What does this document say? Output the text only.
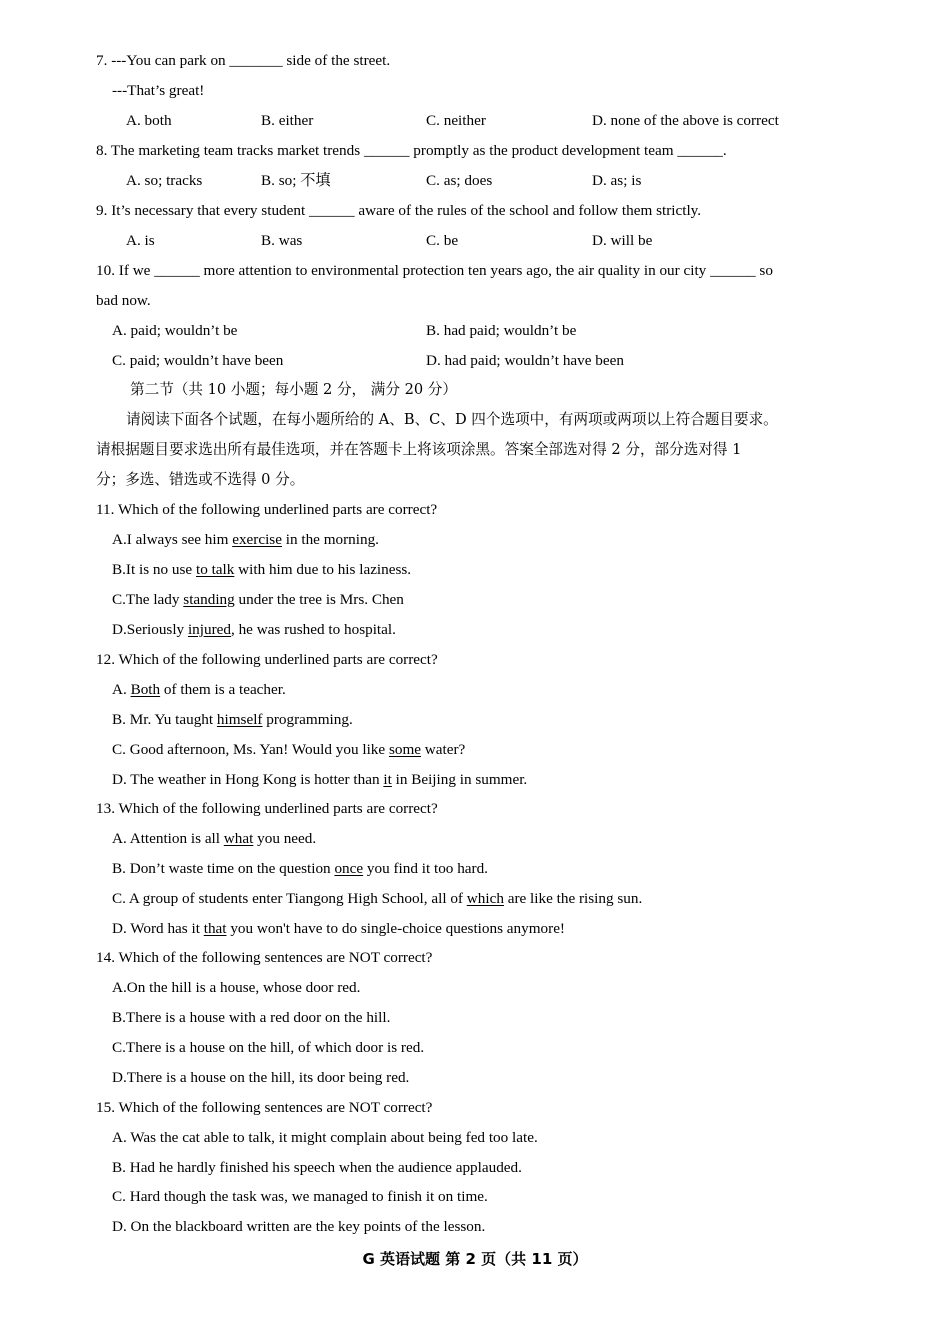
7. ---You can park on _______ side of the street.
---That’s great!
A. both	B. either	C. neither	D. none of the above is correct
8. The marketing team tracks market trends ______ promptly as the product development team ______.
A. so; tracks	B. so; 不填	C. as; does	D. as; is
9. It’s necessary that every student ______ aware of the rules of the school and follow them strictly.
A. is	B. was	C. be	D. will be
10. If we ______ more attention to environmental protection ten years ago, the air quality in our city ______ so
bad now.
A. paid; wouldn’t be	B. had paid; wouldn’t be
C. paid; wouldn’t have been	D. had paid; wouldn’t have been
第二节（共 10 小题；每小题 2 分， 满分 20 分）
请阅读下面各个试题，在每小题所给的 A、B、C、D 四个选项中，有两项或两项以上符合题目要求。
请根据题目要求选出所有最佳选项，并在答题卡上将该项涂黑。答案全部选对得 2 分，部分选对得 1
分；多选、错选或不选得 0 分。
11. Which of the following underlined parts are correct?
A.I always see him exercise in the morning.
B.It is no use to talk with him due to his laziness.
C.The lady standing under the tree is Mrs. Chen
D.Seriously injured, he was rushed to hospital.
12. Which of the following underlined parts are correct?
A. Both of them is a teacher.
B. Mr. Yu taught himself programming.
C. Good afternoon, Ms. Yan! Would you like some water?
D. The weather in Hong Kong is hotter than it in Beijing in summer.
13. Which of the following underlined parts are correct?
A. Attention is all what you need.
B. Don’t waste time on the question once you find it too hard.
C. A group of students enter Tiangong High School, all of which are like the rising sun.
D. Word has it that you won't have to do single-choice questions anymore!
14. Which of the following sentences are NOT correct?
A.On the hill is a house, whose door red.
B.There is a house with a red door on the hill.
C.There is a house on the hill, of which door is red.
D.There is a house on the hill, its door being red.
15. Which of the following sentences are NOT correct?
A. Was the cat able to talk, it might complain about being fed too late.
B. Had he hardly finished his speech when the audience applauded.
C. Hard though the task was, we managed to finish it on time.
D. On the blackboard written are the key points of the lesson.
G 英语试题 第 2 页（共 11 页）
